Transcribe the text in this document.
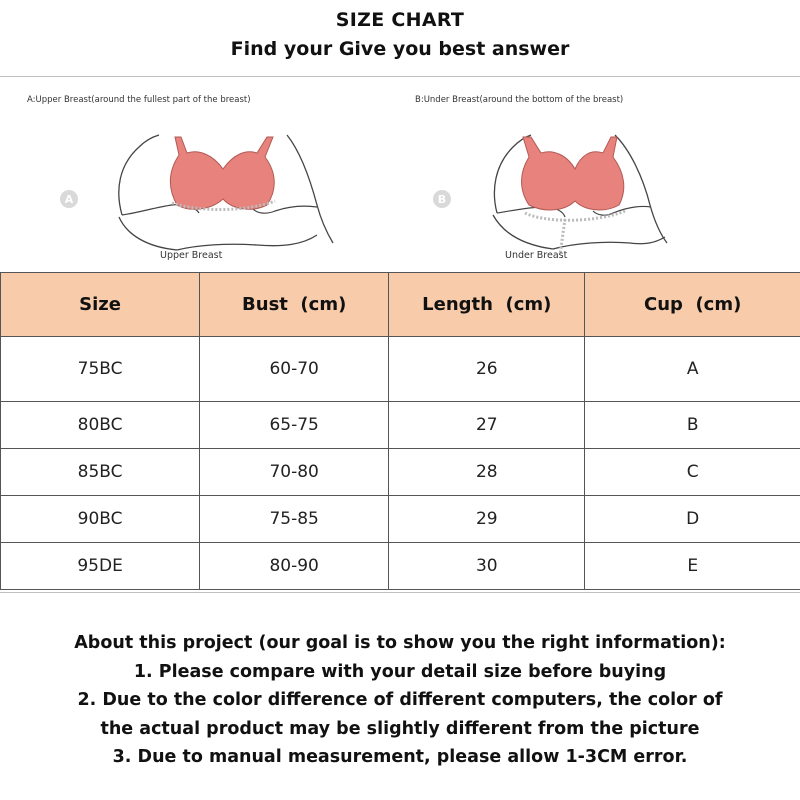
SIZE CHART
Find your Give you best answer
A:Upper Breast(around the fullest part of the breast)
A
Upper Breast
B:Under Breast(around the bottom of the breast)
B
Under Breast
Size	Bust  (cm)	Length  (cm)	Cup  (cm)
75BC	60-70	26	A
80BC	65-75	27	B
85BC	70-80	28	C
90BC	75-85	29	D
95DE	80-90	30	E
About this project (our goal is to show you the right information):
1. Please compare with your detail size before buying
2. Due to the color difference of different computers, the color of
the actual product may be slightly different from the picture
3. Due to manual measurement, please allow 1-3CM error.
